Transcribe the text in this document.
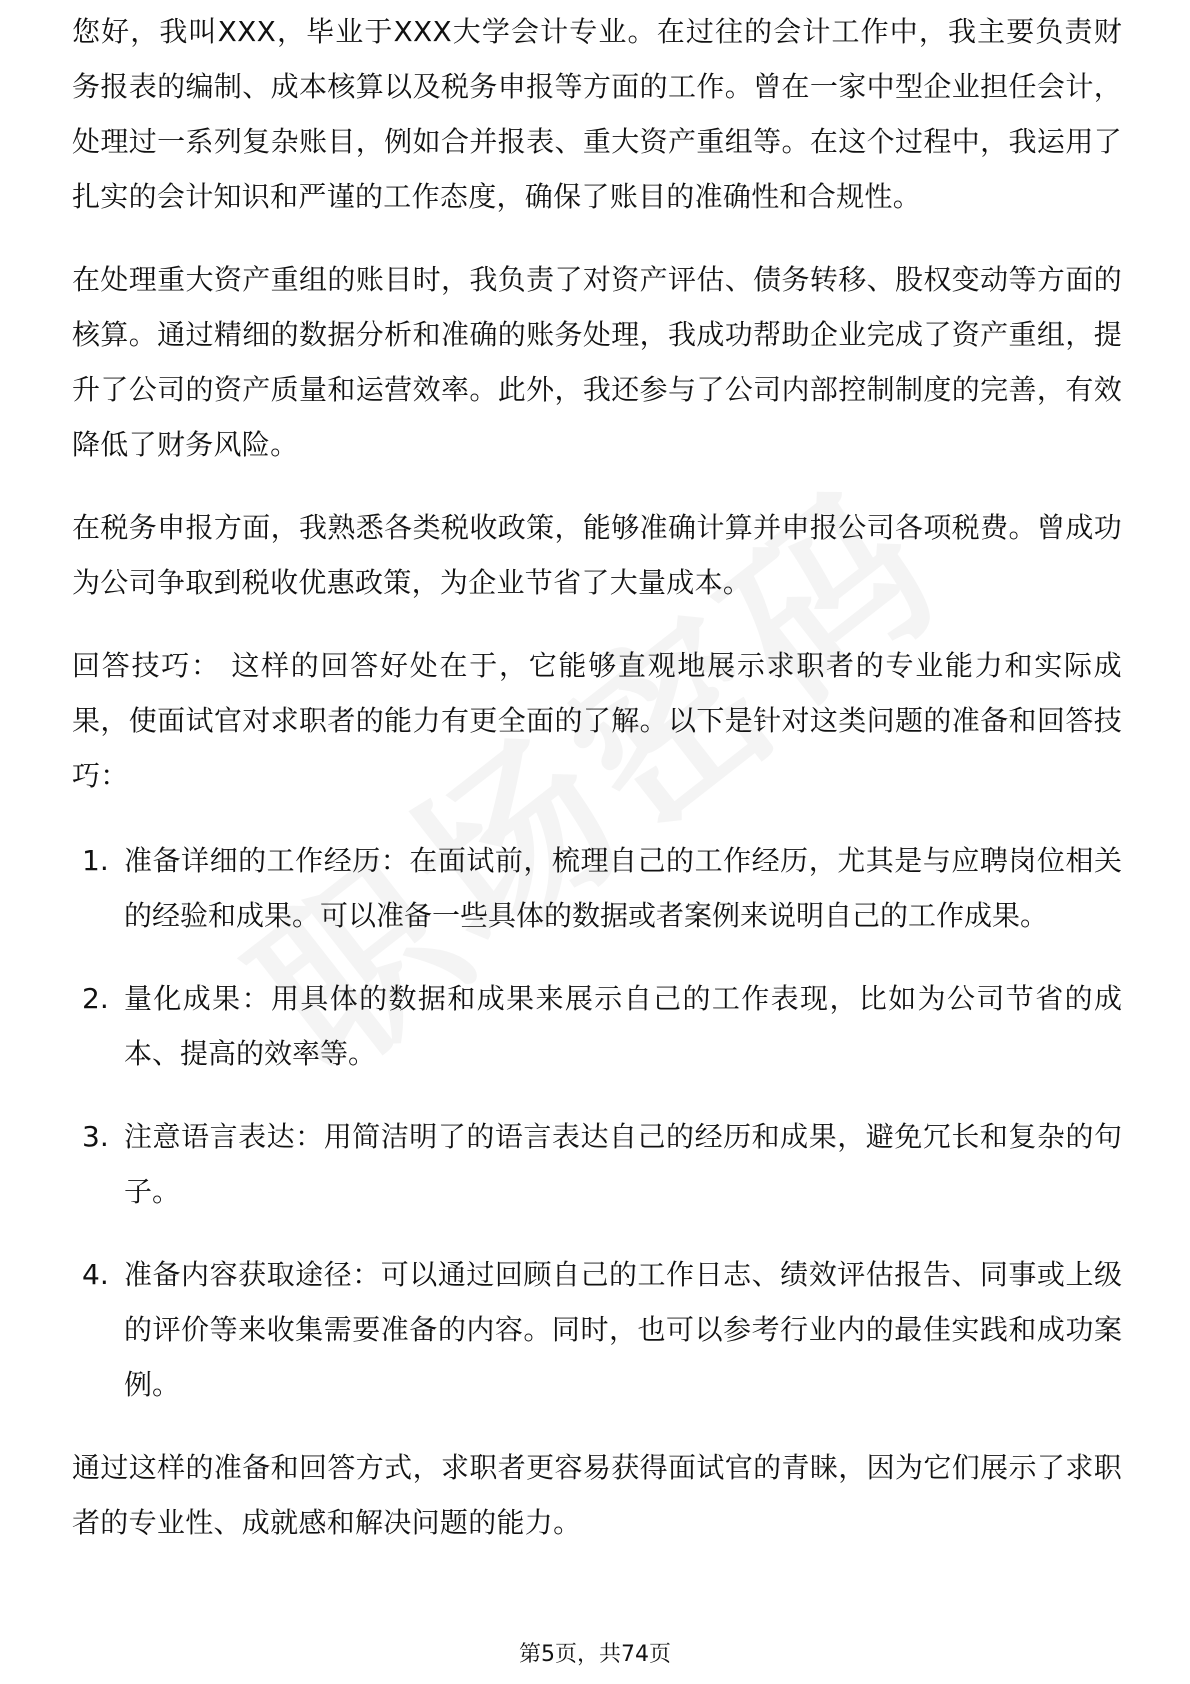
您好，我叫XXX，毕业于XXX大学会计专业。在过往的会计工作中，我主要负责财务报表的编制、成本核算以及税务申报等方面的工作。曾在一家中型企业担任会计，处理过一系列复杂账目，例如合并报表、重大资产重组等。在这个过程中，我运用了扎实的会计知识和严谨的工作态度，确保了账目的准确性和合规性。

在处理重大资产重组的账目时，我负责了对资产评估、债务转移、股权变动等方面的核算。通过精细的数据分析和准确的账务处理，我成功帮助企业完成了资产重组，提升了公司的资产质量和运营效率。此外，我还参与了公司内部控制制度的完善，有效降低了财务风险。

在税务申报方面，我熟悉各类税收政策，能够准确计算并申报公司各项税费。曾成功为公司争取到税收优惠政策，为企业节省了大量成本。

回答技巧： 这样的回答好处在于，它能够直观地展示求职者的专业能力和实际成果，使面试官对求职者的能力有更全面的了解。以下是针对这类问题的准备和回答技巧：

1. 准备详细的工作经历：在面试前，梳理自己的工作经历，尤其是与应聘岗位相关的经验和成果。可以准备一些具体的数据或者案例来说明自己的工作成果。
2. 量化成果：用具体的数据和成果来展示自己的工作表现，比如为公司节省的成本、提高的效率等。
3. 注意语言表达：用简洁明了的语言表达自己的经历和成果，避免冗长和复杂的句子。
4. 准备内容获取途径：可以通过回顾自己的工作日志、绩效评估报告、同事或上级的评价等来收集需要准备的内容。同时，也可以参考行业内的最佳实践和成功案例。

通过这样的准备和回答方式，求职者更容易获得面试官的青睐，因为它们展示了求职者的专业性、成就感和解决问题的能力。

第5页，共74页
